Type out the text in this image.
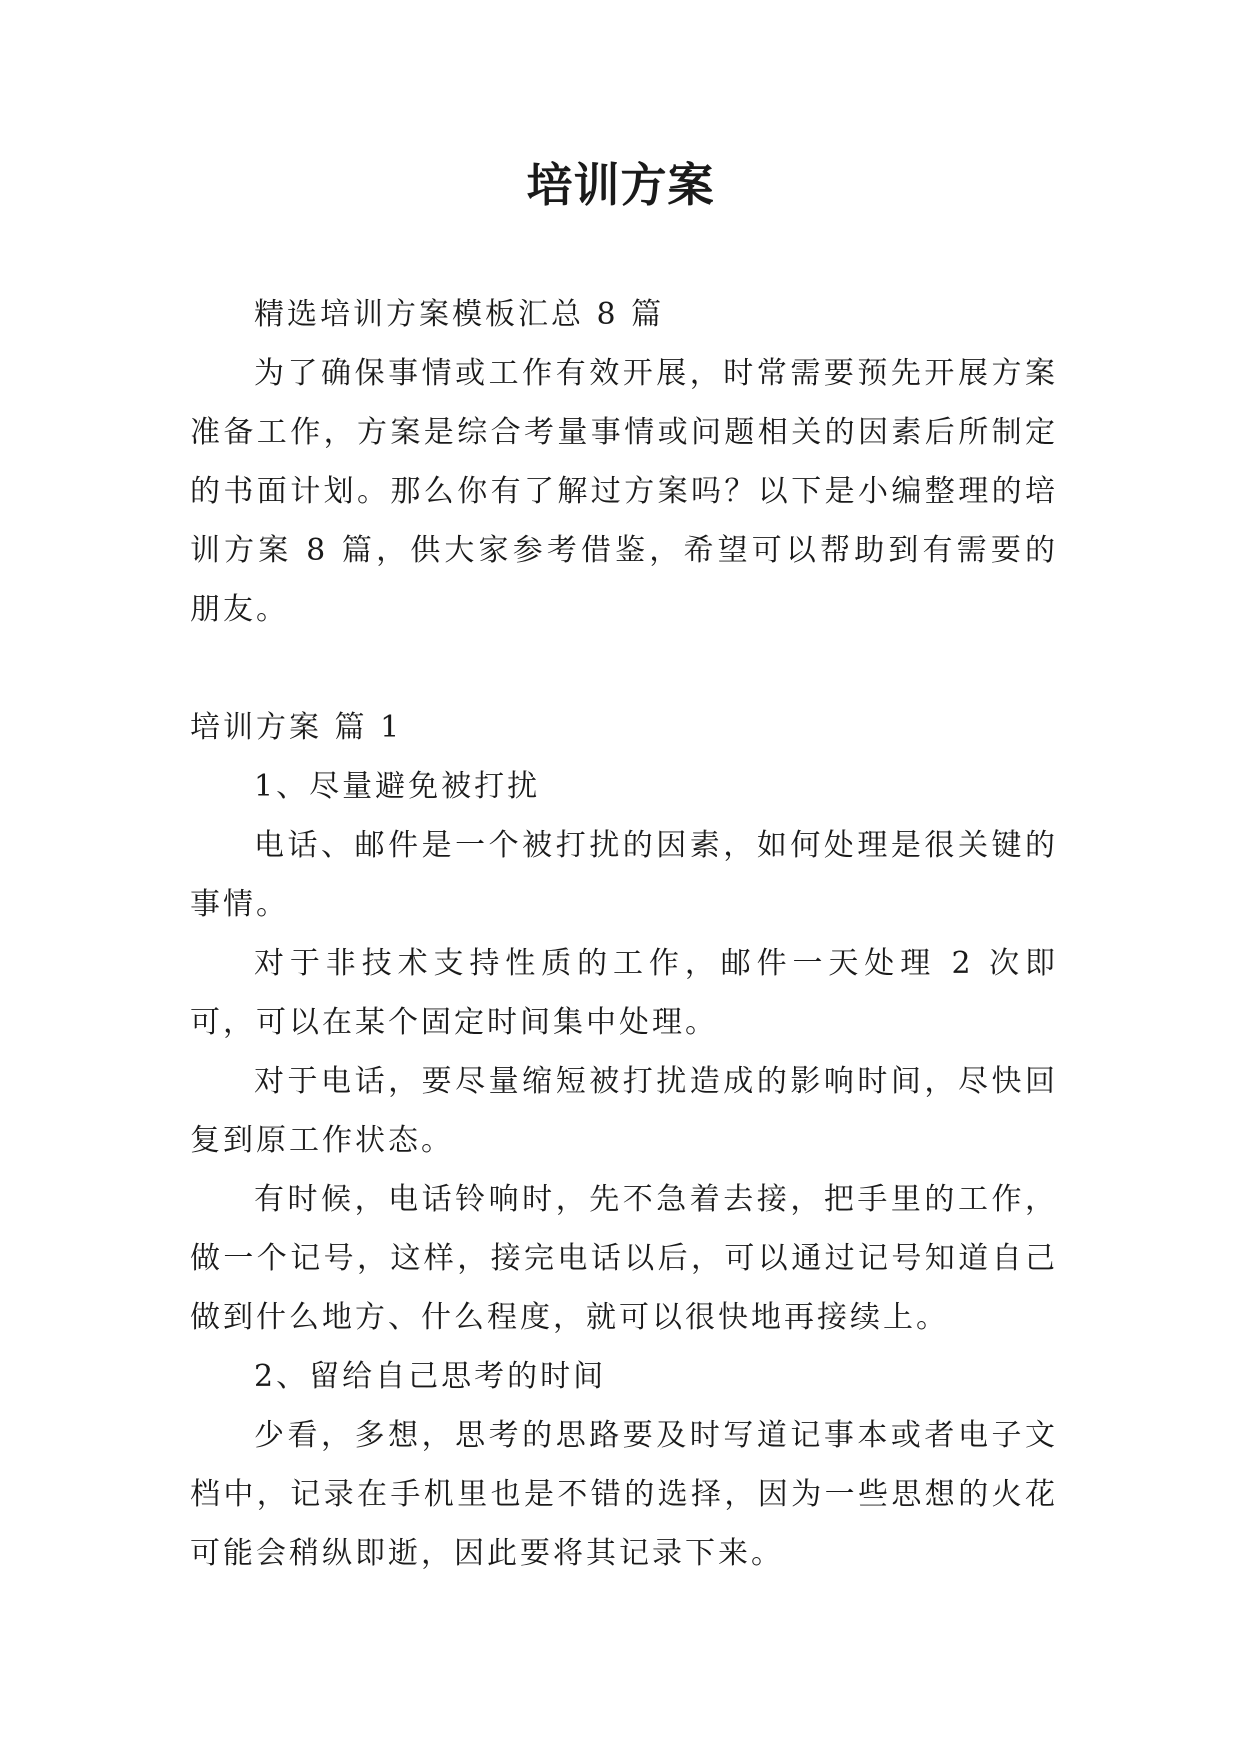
培训方案

精选培训方案模板汇总 8 篇

为了确保事情或工作有效开展，时常需要预先开展方案准备工作，方案是综合考量事情或问题相关的因素后所制定的书面计划。那么你有了解过方案吗？以下是小编整理的培训方案 8 篇，供大家参考借鉴，希望可以帮助到有需要的朋友。

培训方案 篇 1

1、尽量避免被打扰

电话、邮件是一个被打扰的因素，如何处理是很关键的事情。

对于非技术支持性质的工作，邮件一天处理 2 次即可，可以在某个固定时间集中处理。

对于电话，要尽量缩短被打扰造成的影响时间，尽快回复到原工作状态。

有时候，电话铃响时，先不急着去接，把手里的工作，做一个记号，这样，接完电话以后，可以通过记号知道自己做到什么地方、什么程度，就可以很快地再接续上。

2、留给自己思考的时间

少看，多想，思考的思路要及时写道记事本或者电子文档中，记录在手机里也是不错的选择，因为一些思想的火花可能会稍纵即逝，因此要将其记录下来。
